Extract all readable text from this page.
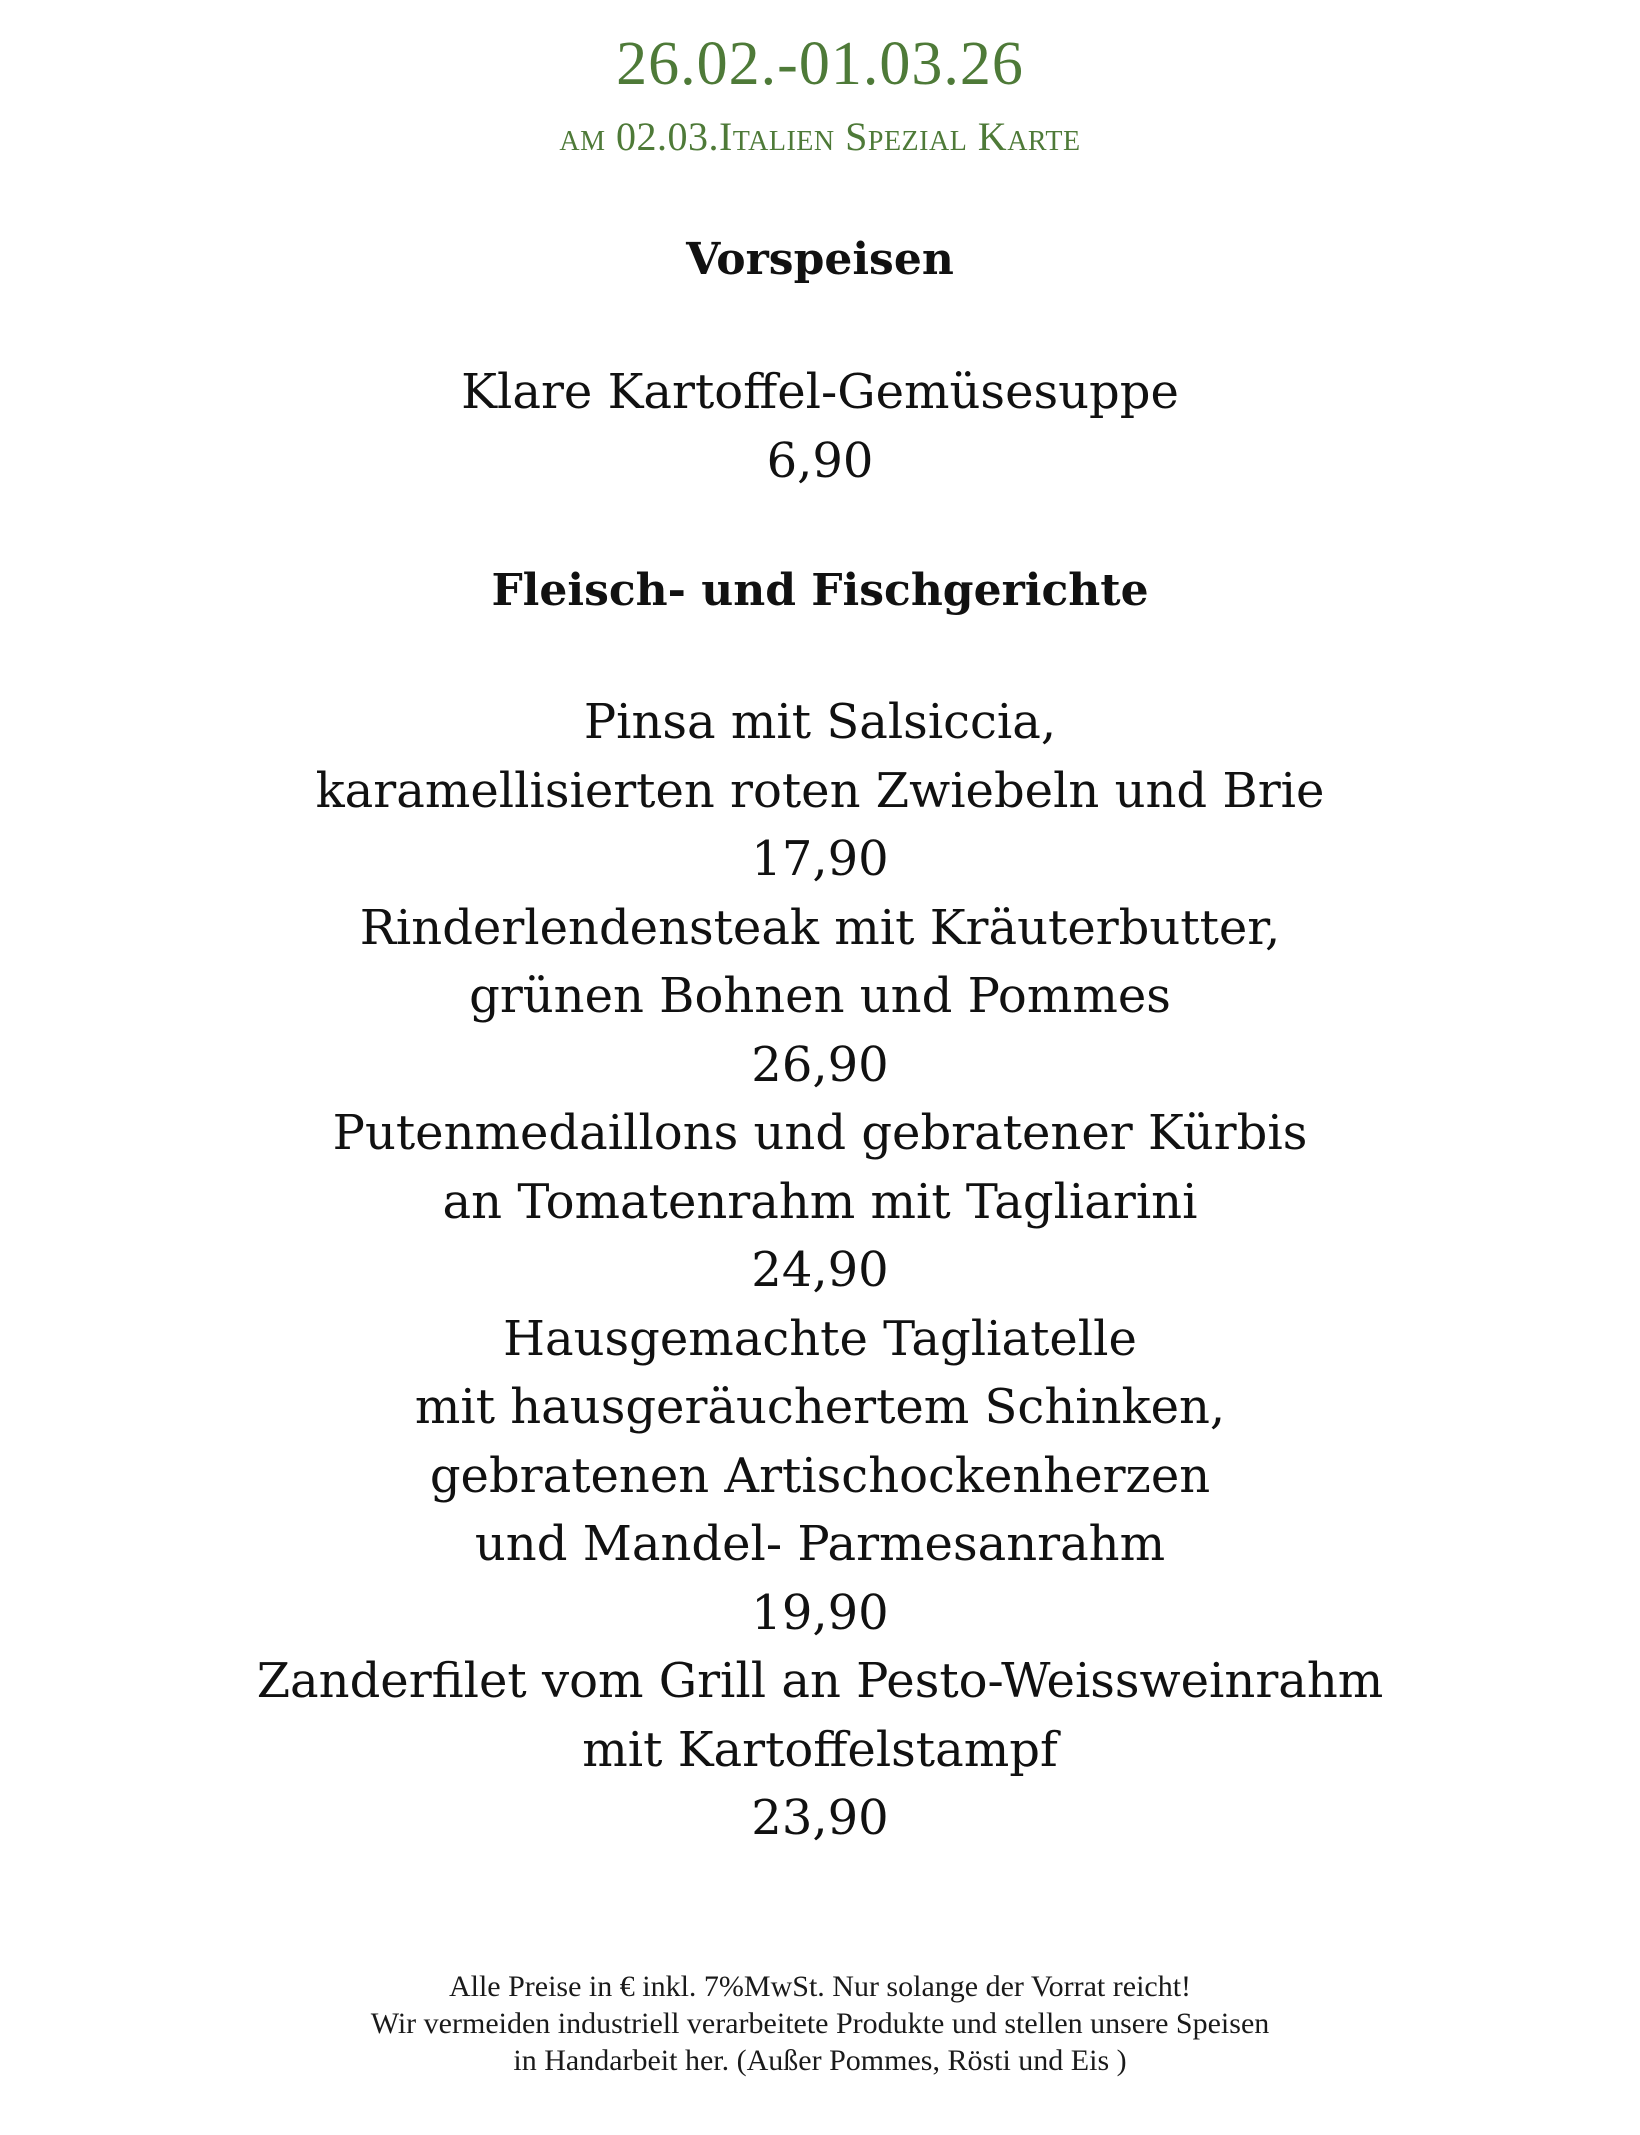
26.02.-01.03.26
am 02.03.Italien Spezial Karte
Vorspeisen
Klare Kartoffel-Gemüsesuppe
6,90
Fleisch- und Fischgerichte
Pinsa mit Salsiccia,
karamellisierten roten Zwiebeln und Brie
17,90
Rinderlendensteak mit Kräuterbutter,
grünen Bohnen und Pommes
26,90
Putenmedaillons und gebratener Kürbis
an Tomatenrahm mit Tagliarini
24,90
Hausgemachte Tagliatelle
mit hausgeräuchertem Schinken,
gebratenen Artischockenherzen
und Mandel- Parmesanrahm
19,90
Zanderfilet vom Grill an Pesto-Weissweinrahm
mit Kartoffelstampf
23,90
Alle Preise in € inkl. 7%MwSt. Nur solange der Vorrat reicht!
Wir vermeiden industriell verarbeitete Produkte und stellen unsere Speisen
in Handarbeit her. (Außer Pommes, Rösti und Eis )
